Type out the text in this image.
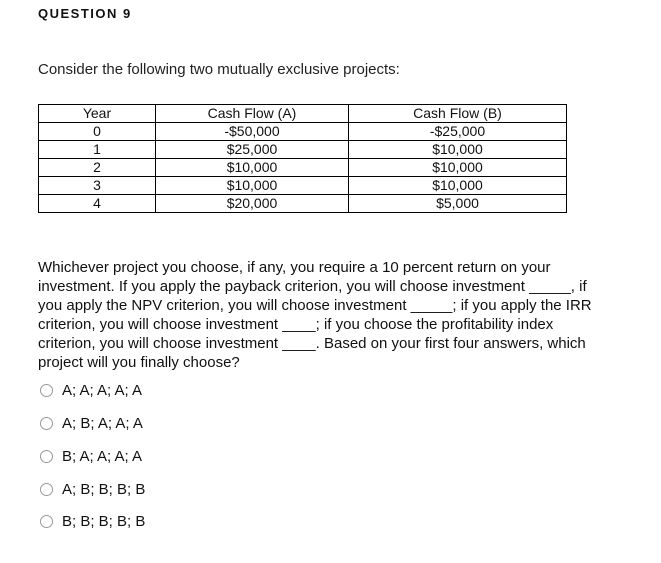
QUESTION 9
Consider the following two mutually exclusive projects:
Year	Cash Flow (A)	Cash Flow (B)
0	-$50,000	-$25,000
1	$25,000	$10,000
2	$10,000	$10,000
3	$10,000	$10,000
4	$20,000	$5,000
Whichever project you choose, if any, you require a 10 percent return on your
investment. If you apply the payback criterion, you will choose investment _____, if
you apply the NPV criterion, you will choose investment _____; if you apply the IRR
criterion, you will choose investment ____; if you choose the profitability index
criterion, you will choose investment ____. Based on your first four answers, which
project will you finally choose?
A; A; A; A; A
A; B; A; A; A
B; A; A; A; A
A; B; B; B; B
B; B; B; B; B
